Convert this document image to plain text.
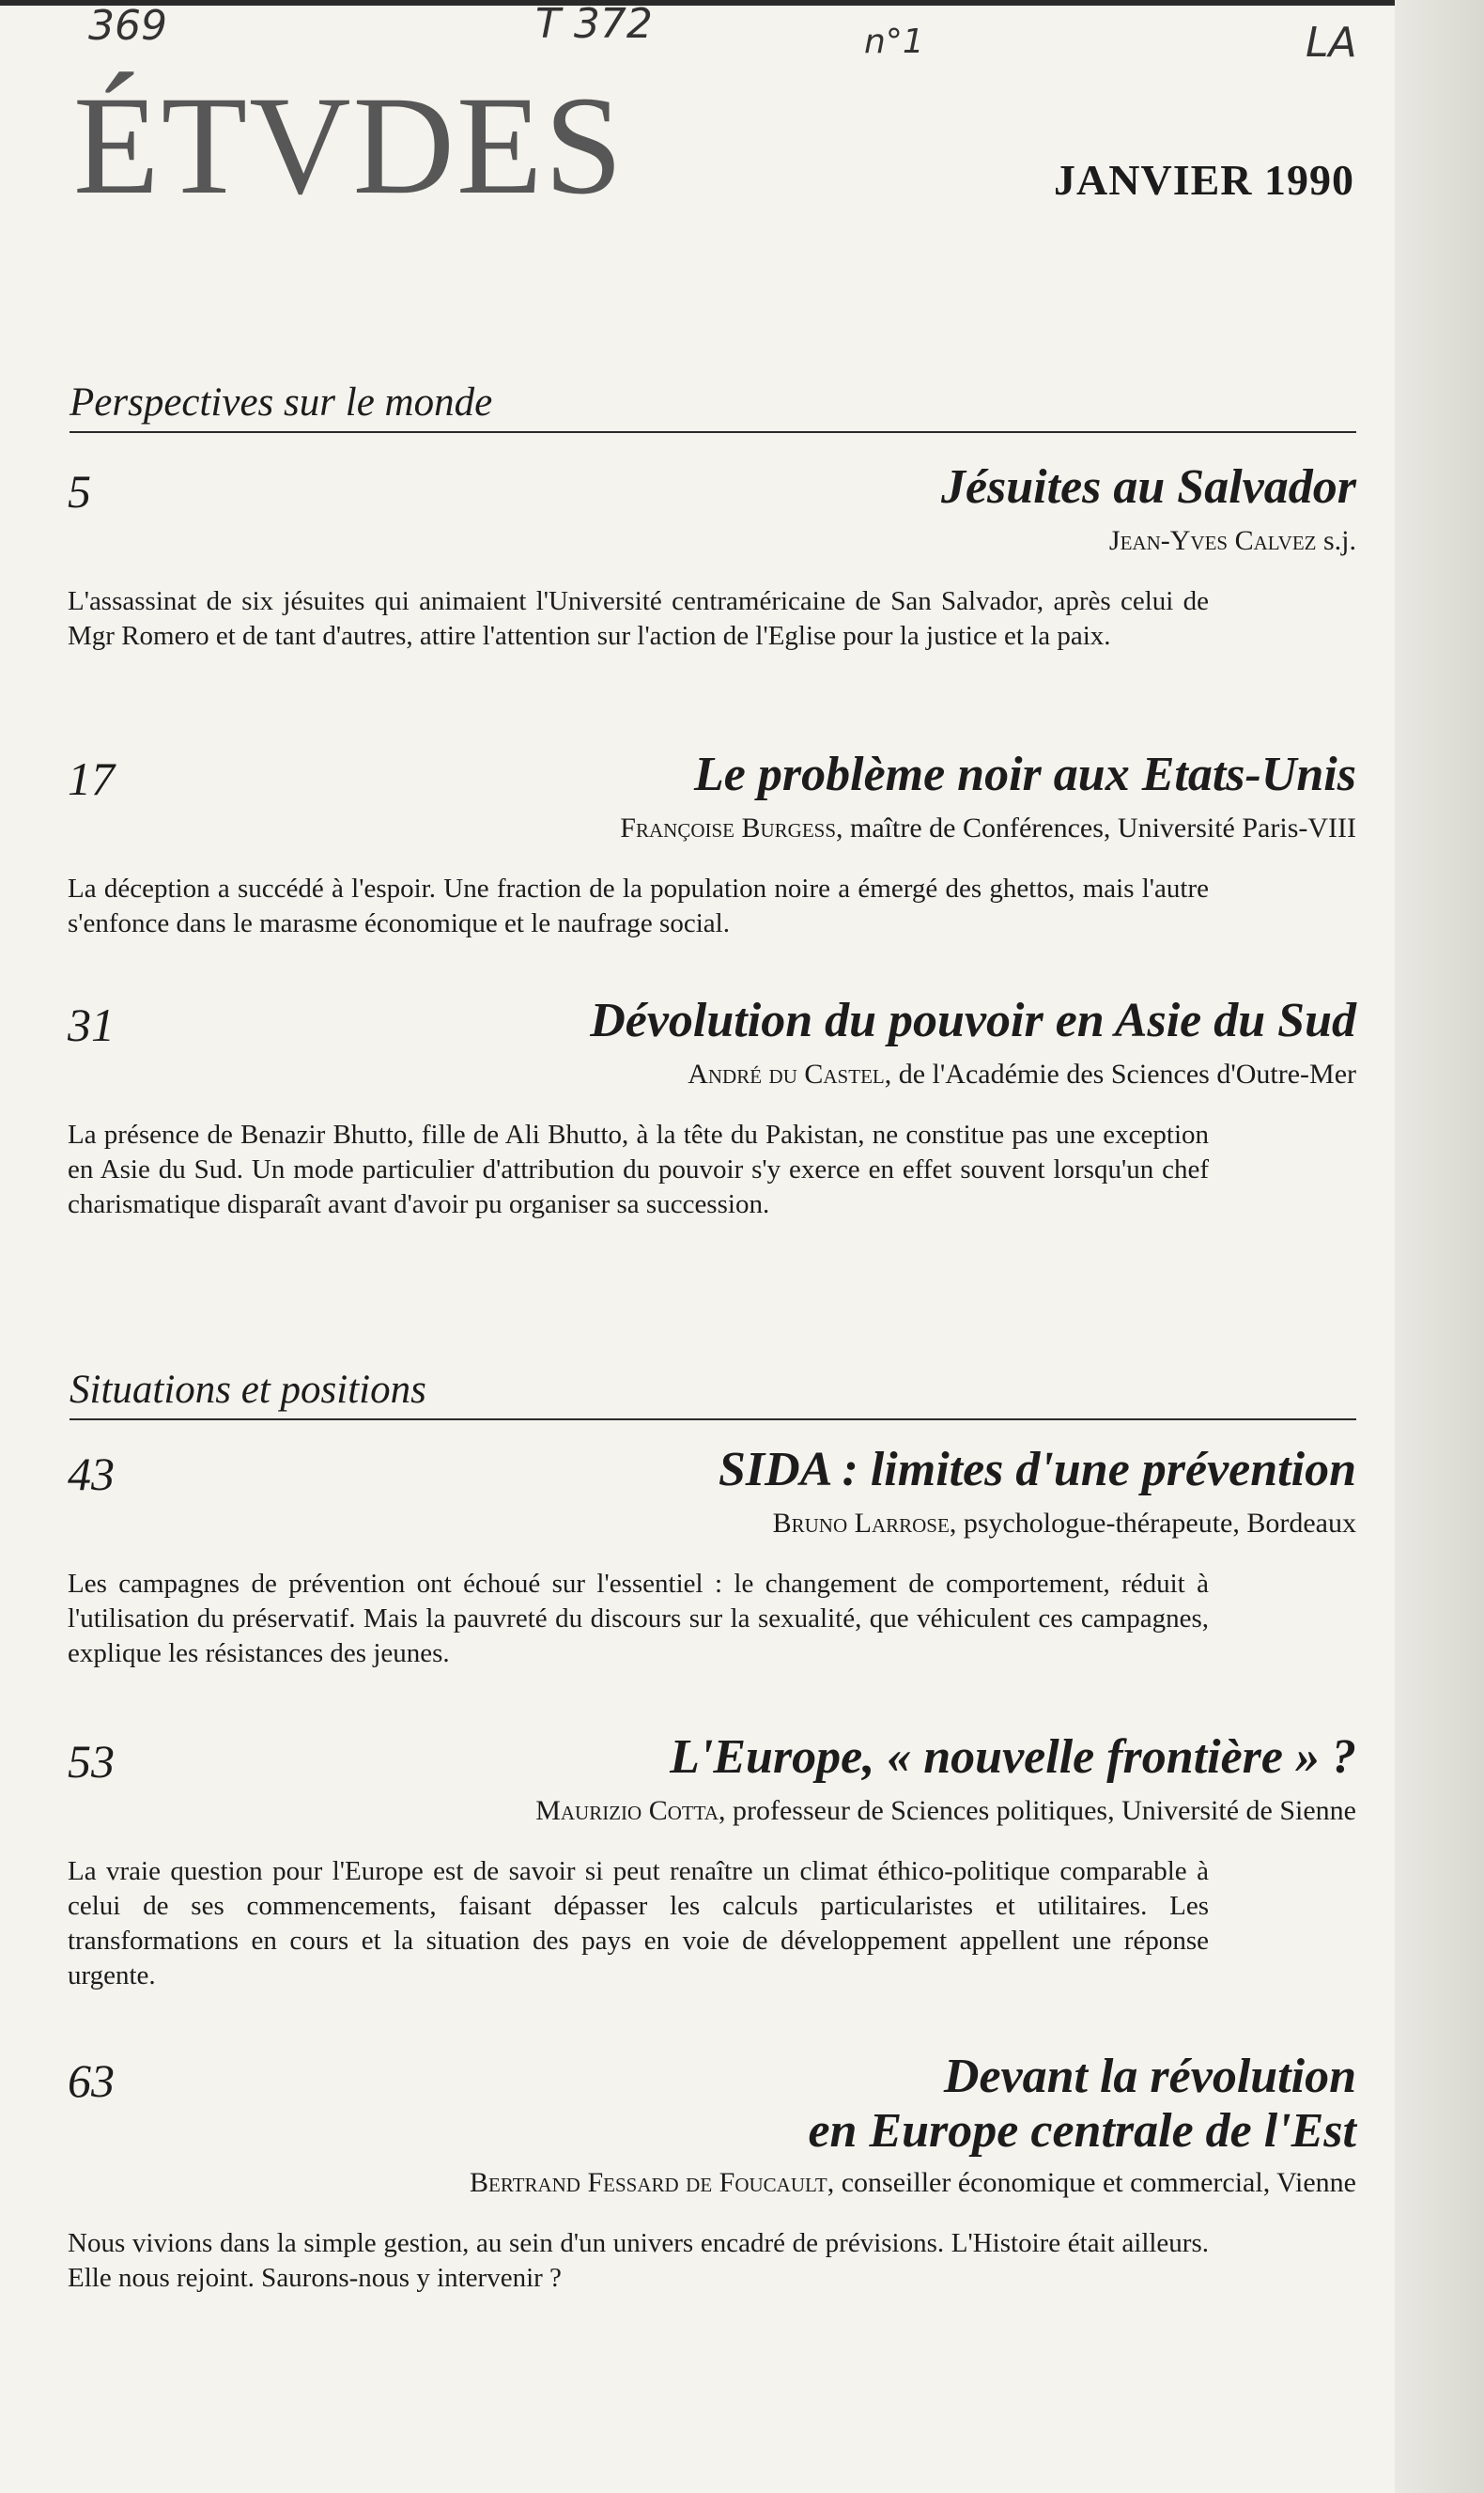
369	T 372	n°1	LA
ÉTVDES	JANVIER 1990
Perspectives sur le monde
5	Jésuites au Salvador
Jean-Yves Calvez s.j.
L'assassinat de six jésuites qui animaient l'Université centraméricaine de San Salvador, après celui de Mgr Romero et de tant d'autres, attire l'attention sur l'action de l'Eglise pour la justice et la paix.
17	Le problème noir aux Etats-Unis
Françoise Burgess, maître de Conférences, Université Paris-VIII
La déception a succédé à l'espoir. Une fraction de la population noire a émergé des ghettos, mais l'autre s'enfonce dans le marasme économique et le naufrage social.
31	Dévolution du pouvoir en Asie du Sud
André du Castel, de l'Académie des Sciences d'Outre-Mer
La présence de Benazir Bhutto, fille de Ali Bhutto, à la tête du Pakistan, ne constitue pas une exception en Asie du Sud. Un mode particulier d'attribution du pouvoir s'y exerce en effet souvent lorsqu'un chef charismatique disparaît avant d'avoir pu organiser sa succession.
Situations et positions
43	SIDA : limites d'une prévention
Bruno Larrose, psychologue-thérapeute, Bordeaux
Les campagnes de prévention ont échoué sur l'essentiel : le changement de comportement, réduit à l'utilisation du préservatif. Mais la pauvreté du discours sur la sexualité, que véhiculent ces campagnes, explique les résistances des jeunes.
53	L'Europe, « nouvelle frontière » ?
Maurizio Cotta, professeur de Sciences politiques, Université de Sienne
La vraie question pour l'Europe est de savoir si peut renaître un climat éthico-politique comparable à celui de ses commencements, faisant dépasser les calculs particularistes et utilitaires. Les transformations en cours et la situation des pays en voie de développement appellent une réponse urgente.
63	Devant la révolution
en Europe centrale de l'Est
Bertrand Fessard de Foucault, conseiller économique et commercial, Vienne
Nous vivions dans la simple gestion, au sein d'un univers encadré de prévisions. L'Histoire était ailleurs. Elle nous rejoint. Saurons-nous y intervenir ?
